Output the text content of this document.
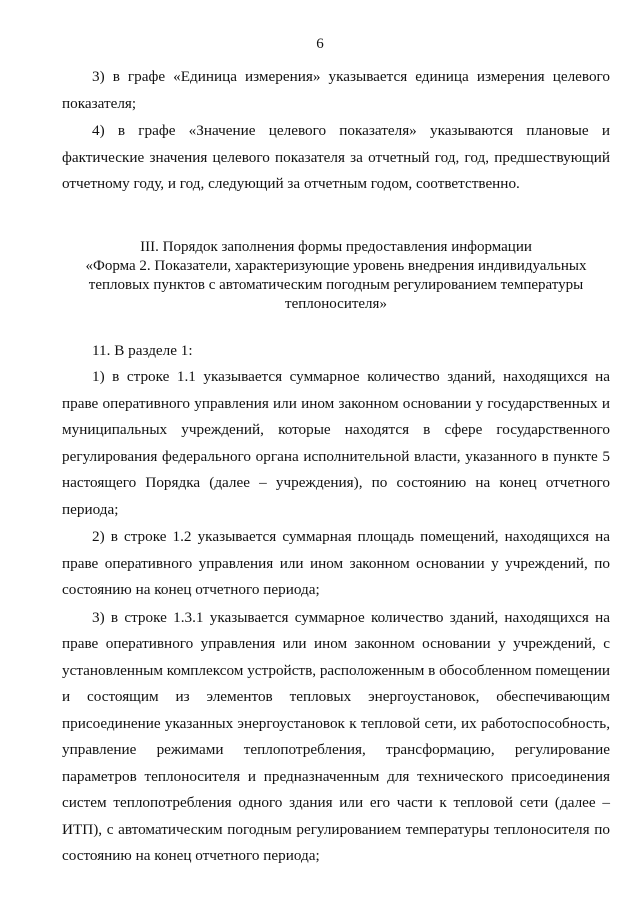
6

3) в графе «Единица измерения» указывается единица измерения целевого показателя;

4) в графе «Значение целевого показателя» указываются плановые и фактические значения целевого показателя за отчетный год, год, предшествующий отчетному году, и год, следующий за отчетным годом, соответственно.

III. Порядок заполнения формы предоставления информации
«Форма 2. Показатели, характеризующие уровень внедрения индивидуальных
тепловых пунктов с автоматическим погодным регулированием температуры
теплоносителя»

11. В разделе 1:

1) в строке 1.1 указывается суммарное количество зданий, находящихся на праве оперативного управления или ином законном основании у государственных и муниципальных учреждений, которые находятся в сфере государственного регулирования федерального органа исполнительной власти, указанного в пункте 5 настоящего Порядка (далее – учреждения), по состоянию на конец отчетного периода;

2) в строке 1.2 указывается суммарная площадь помещений, находящихся на праве оперативного управления или ином законном основании у учреждений, по состоянию на конец отчетного периода;

3) в строке 1.3.1 указывается суммарное количество зданий, находящихся на праве оперативного управления или ином законном основании у учреждений, с установленным комплексом устройств, расположенным в обособленном помещении и состоящим из элементов тепловых энергоустановок, обеспечивающим присоединение указанных энергоустановок к тепловой сети, их работоспособность, управление режимами теплопотребления, трансформацию, регулирование параметров теплоносителя и предназначенным для технического присоединения систем теплопотребления одного здания или его части к тепловой сети (далее – ИТП), с автоматическим погодным регулированием температуры теплоносителя по состоянию на конец отчетного периода;
